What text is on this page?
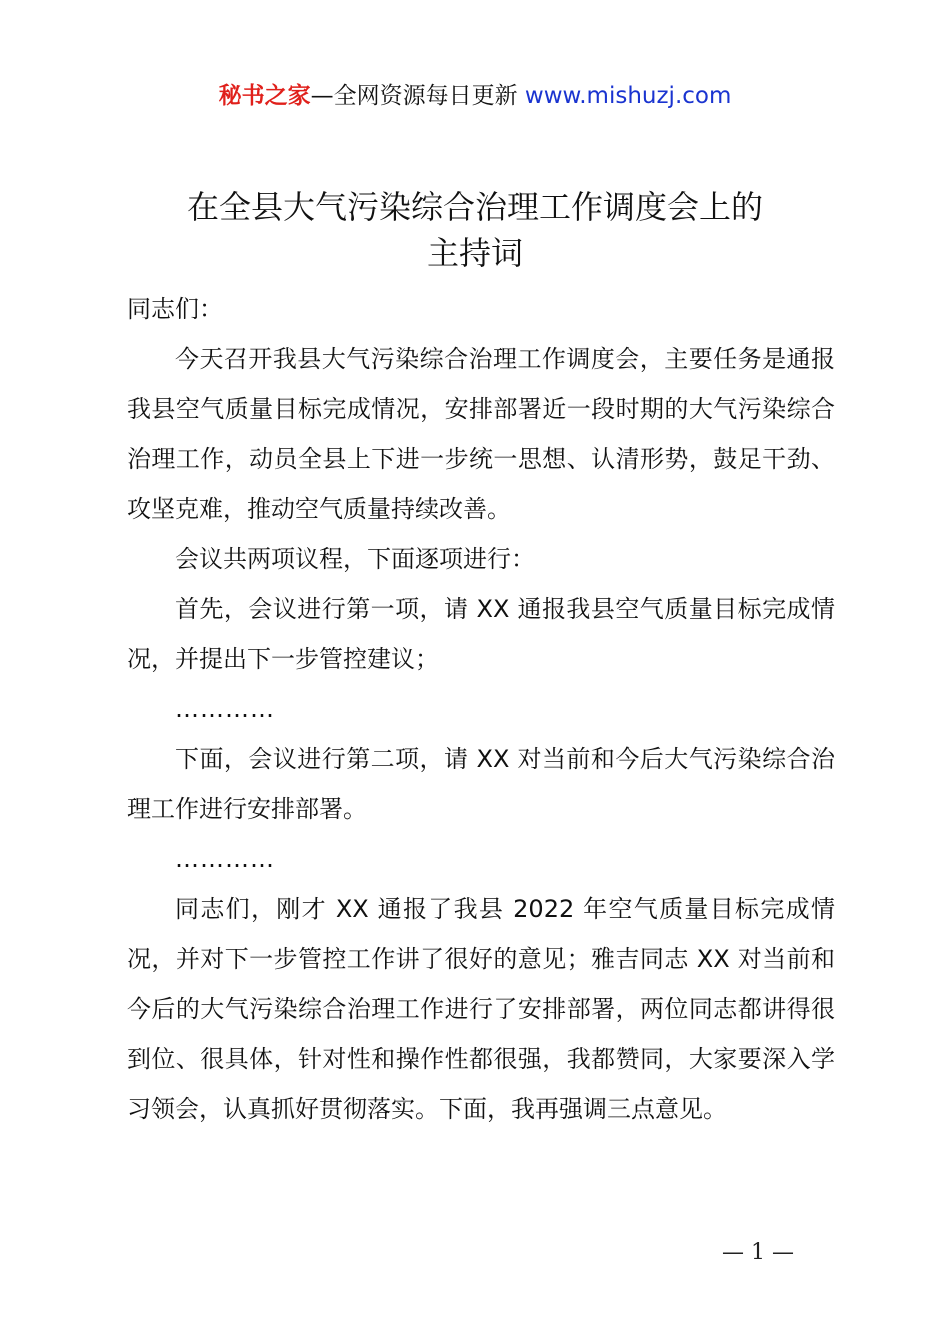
秘书之家—全网资源每日更新 www.mishuzj.com
在全县大气污染综合治理工作调度会上的
主持词

同志们：

今天召开我县大气污染综合治理工作调度会，主要任务是通报我县空气质量目标完成情况，安排部署近一段时期的大气污染综合治理工作，动员全县上下进一步统一思想、认清形势，鼓足干劲、攻坚克难，推动空气质量持续改善。

会议共两项议程，下面逐项进行：

首先，会议进行第一项，请 XX 通报我县空气质量目标完成情况，并提出下一步管控建议；

…………

下面，会议进行第二项，请 XX 对当前和今后大气污染综合治理工作进行安排部署。

…………

同志们，刚才 XX 通报了我县 2022 年空气质量目标完成情况，并对下一步管控工作讲了很好的意见；雅吉同志 XX 对当前和今后的大气污染综合治理工作进行了安排部署，两位同志都讲得很到位、很具体，针对性和操作性都很强，我都赞同，大家要深入学习领会，认真抓好贯彻落实。下面，我再强调三点意见。

— 1 —
